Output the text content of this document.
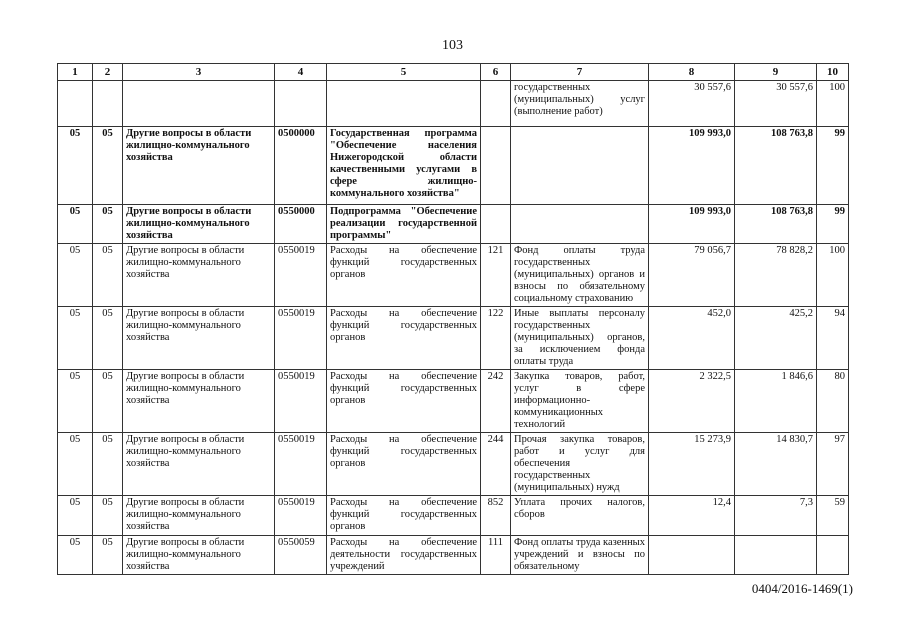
103
1	2	3	4	5	6	7	8	9	10
						государственных (муниципальных) услуг (выполнение работ)	30 557,6	30 557,6	100
05	05	Другие вопросы в области жилищно-коммунального хозяйства	0500000	Государственная программа "Обеспечение населения Нижегородской области качественными услугами в сфере жилищно-коммунального хозяйства"			109 993,0	108 763,8	99
05	05	Другие вопросы в области жилищно-коммунального хозяйства	0550000	Подпрограмма "Обеспечение реализации государственной программы"			109 993,0	108 763,8	99
05	05	Другие вопросы в области жилищно-коммунального хозяйства	0550019	Расходы на обеспечение функций государственных органов	121	Фонд оплаты труда государственных (муниципальных) органов и взносы по обязательному социальному страхованию	79 056,7	78 828,2	100
05	05	Другие вопросы в области жилищно-коммунального хозяйства	0550019	Расходы на обеспечение функций государственных органов	122	Иные выплаты персоналу государственных (муниципальных) органов, за исключением фонда оплаты труда	452,0	425,2	94
05	05	Другие вопросы в области жилищно-коммунального хозяйства	0550019	Расходы на обеспечение функций государственных органов	242	Закупка товаров, работ, услуг в сфере информационно-коммуникационных технологий	2 322,5	1 846,6	80
05	05	Другие вопросы в области жилищно-коммунального хозяйства	0550019	Расходы на обеспечение функций государственных органов	244	Прочая закупка товаров, работ и услуг для обеспечения государственных (муниципальных) нужд	15 273,9	14 830,7	97
05	05	Другие вопросы в области жилищно-коммунального хозяйства	0550019	Расходы на обеспечение функций государственных органов	852	Уплата прочих налогов, сборов	12,4	7,3	59
05	05	Другие вопросы в области жилищно-коммунального хозяйства	0550059	Расходы на обеспечение деятельности государственных учреждений	111	Фонд оплаты труда казенных учреждений и взносы по обязательному			
0404/2016-1469(1)
